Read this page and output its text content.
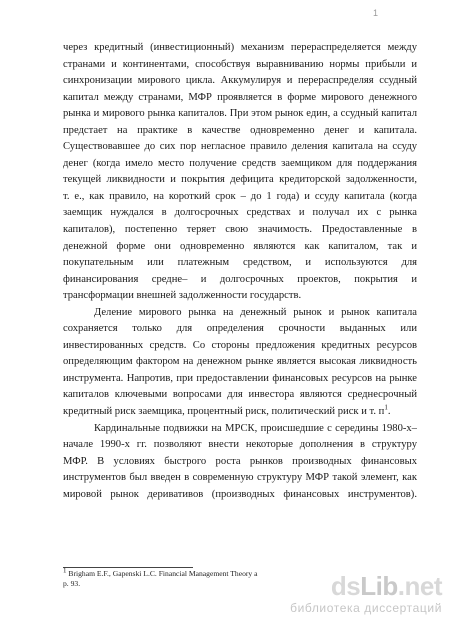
1
через кредитный (инвестиционный) механизм перераспределяется между
странами и континентами, способствуя выравниванию нормы прибыли и
синхронизации мирового цикла. Аккумулируя и перераспределяя ссудный
капитал между странами, МФР проявляется в форме мирового денежного
рынка и мирового рынка капиталов. При этом рынок един, а ссудный капитал
предстает на практике в качестве одновременно денег и капитала.
Существовавшее до сих пор негласное правило деления капитала на ссуду
денег (когда имело место получение средств заемщиком для поддержания
текущей ликвидности и покрытия дефицита кредиторской задолженности,
т. е., как правило, на короткий срок – до 1 года) и ссуду капитала (когда
заемщик нуждался в долгосрочных средствах и получал их с рынка
капиталов), постепенно теряет свою значимость. Предоставленные в
денежной форме они одновременно являются как капиталом, так и
покупательным или платежным средством, и используются для
финансирования средне– и долгосрочных проектов, покрытия и
трансформации внешней задолженности государств.
Деление мирового рынка на денежный рынок и рынок капитала
сохраняется только для определения срочности выданных или
инвестированных средств. Со стороны предложения кредитных ресурсов
определяющим фактором на денежном рынке является высокая ликвидность
инструмента. Напротив, при предоставлении финансовых ресурсов на рынке
капиталов ключевыми вопросами для инвестора являются среднесрочный
кредитный риск заемщика, процентный риск, политический риск и т. $п^1$.
Кардинальные подвижки на МРСК, происшедшие с середины 1980-х–
начале 1990-х гг. позволяют внести некоторые дополнения в структуру
МФР. В условиях быстрого роста рынков производных финансовых
инструментов был введен в современную структуру МФР такой элемент, как
мировой рынок деривативов (производных финансовых инструментов).
$^1$ Brigham E.F., Gapenski L.C. Financial Management Theory a
p. 93.	dsLib.net
библиотека диссертаций
